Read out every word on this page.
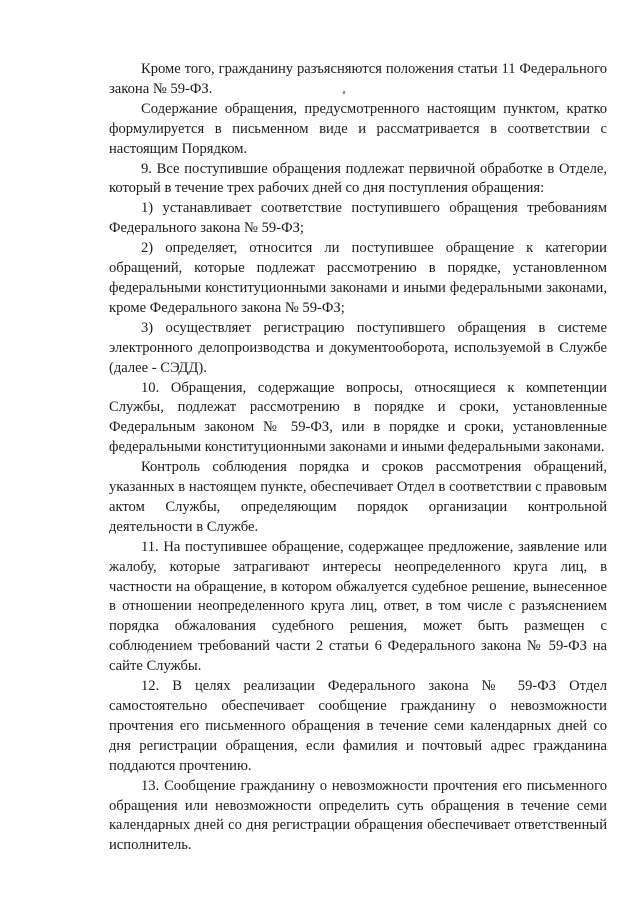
Кроме того, гражданину разъясняются положения статьи 11 Федерального закона № 59-ФЗ.

Содержание обращения, предусмотренного настоящим пунктом, кратко формулируется в письменном виде и рассматривается в соответствии с настоящим Порядком.

9. Все поступившие обращения подлежат первичной обработке в Отделе, который в течение трех рабочих дней со дня поступления обращения:

1) устанавливает соответствие поступившего обращения требованиям Федерального закона № 59-ФЗ;

2) определяет, относится ли поступившее обращение к категории обращений, которые подлежат рассмотрению в порядке, установленном федеральными конституционными законами и иными федеральными законами, кроме Федерального закона № 59-ФЗ;

3) осуществляет регистрацию поступившего обращения в системе электронного делопроизводства и документооборота, используемой в Службе (далее - СЭДД).

10. Обращения, содержащие вопросы, относящиеся к компетенции Службы, подлежат рассмотрению в порядке и сроки, установленные Федеральным законом № 59-ФЗ, или в порядке и сроки, установленные федеральными конституционными законами и иными федеральными законами.

Контроль соблюдения порядка и сроков рассмотрения обращений, указанных в настоящем пункте, обеспечивает Отдел в соответствии с правовым актом Службы, определяющим порядок организации контрольной деятельности в Службе.

11. На поступившее обращение, содержащее предложение, заявление или жалобу, которые затрагивают интересы неопределенного круга лиц, в частности на обращение, в котором обжалуется судебное решение, вынесенное в отношении неопределенного круга лиц, ответ, в том числе с разъяснением порядка обжалования судебного решения, может быть размещен с соблюдением требований части 2 статьи 6 Федерального закона № 59-ФЗ на сайте Службы.

12. В целях реализации Федерального закона № 59-ФЗ Отдел самостоятельно обеспечивает сообщение гражданину о невозможности прочтения его письменного обращения в течение семи календарных дней со дня регистрации обращения, если фамилия и почтовый адрес гражданина поддаются прочтению.

13. Сообщение гражданину о невозможности прочтения его письменного обращения или невозможности определить суть обращения в течение семи календарных дней со дня регистрации обращения обеспечивает ответственный исполнитель.
